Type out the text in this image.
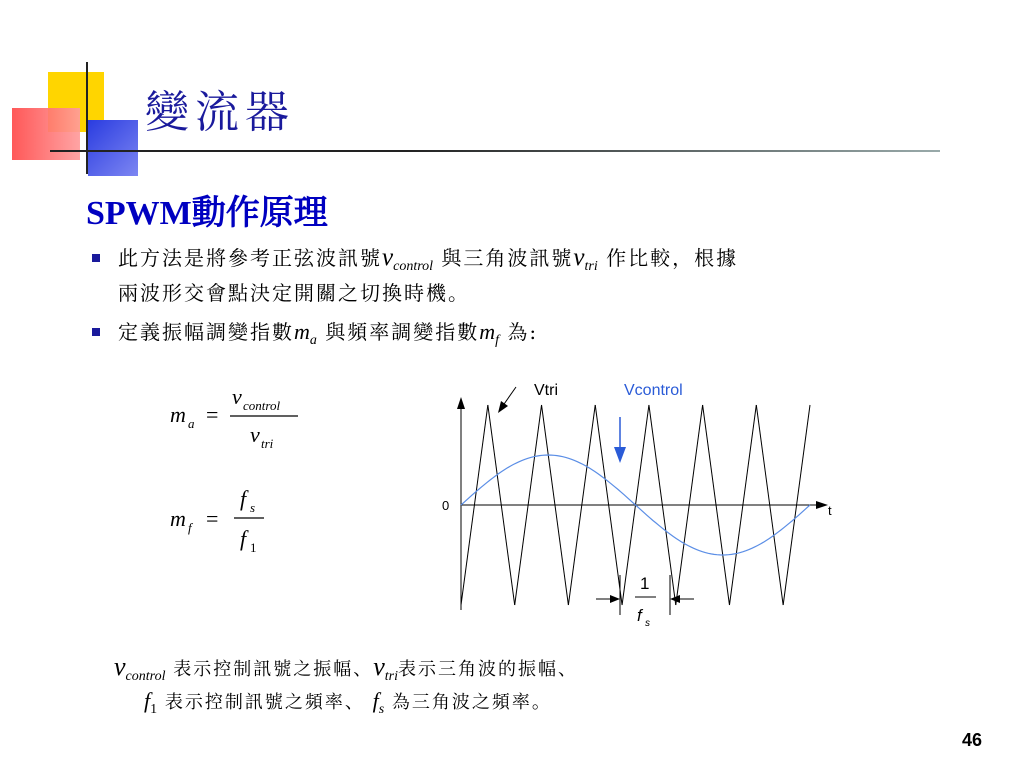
變流器
SPWM動作原理
此方法是將參考正弦波訊號$v_{control}$ 與三角波訊號$v_{tri}$ 作比較，根據
兩波形交會點決定開關之切換時機。
定義振幅調變指數$m_a$ 與頻率調變指數$m_f$ 為:
m a =
v control
v tri
m f =
f s
f 1
0	t
Vtri	Vcontrol
1
f s
$v_{control}$ 表示控制訊號之振幅、$v_{tri}$表示三角波的振幅、
$f_1$ 表示控制訊號之頻率、 $f_s$ 為三角波之頻率。
46
